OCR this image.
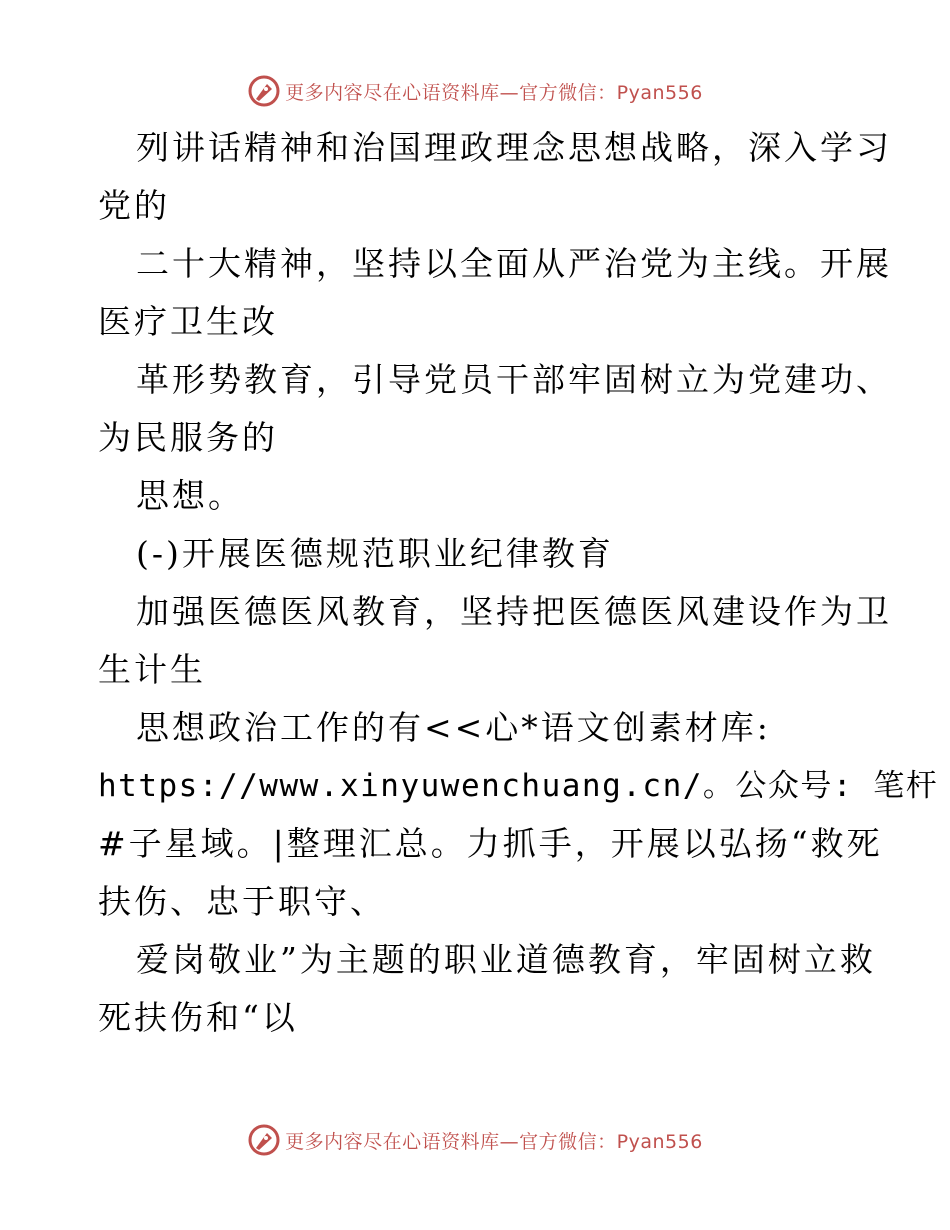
更多内容尽在心语资料库—官方微信：Pyan556
列讲话精神和治国理政理念思想战略，深入学习
党的
二十大精神，坚持以全面从严治党为主线。开展
医疗卫生改
革形势教育，引导党员干部牢固树立为党建功、
为民服务的
思想。
(-)开展医德规范职业纪律教育
加强医德医风教育，坚持把医德医风建设作为卫
生计生
思想政治工作的有<<心*语文创素材库:
https://www.xinyuwenchuang.cn/。公众号: 笔杆
#子星域。|整理汇总。力抓手，开展以弘扬“救死
扶伤、忠于职守、
爱岗敬业”为主题的职业道德教育，牢固树立救
死扶伤和“以
更多内容尽在心语资料库—官方微信：Pyan556
